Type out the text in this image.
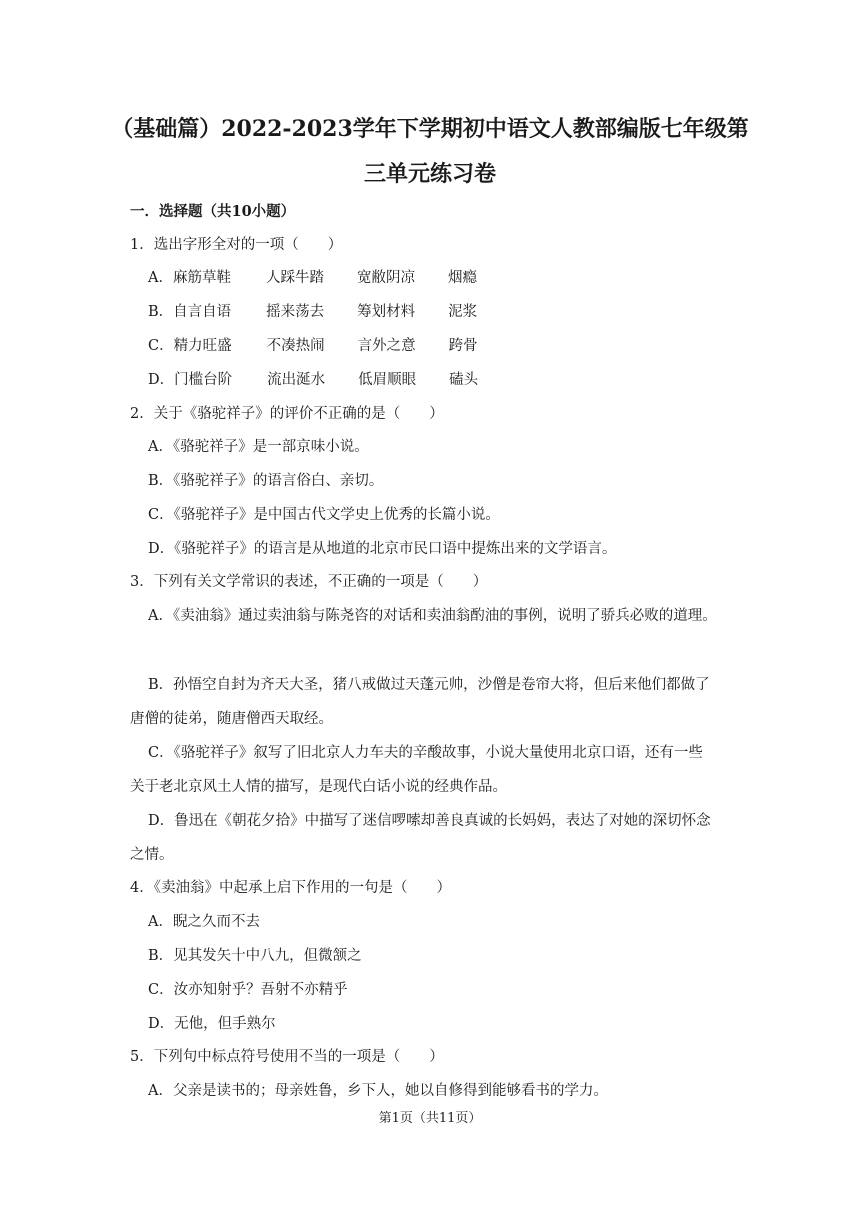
（基础篇）2022-2023学年下学期初中语文人教部编版七年级第
三单元练习卷
一．选择题（共10小题）
1．选出字形全对的一项（　　）
A．麻筋草鞋 人踩牛踏 宽敝阴凉 烟瘾
B．自言自语 摇来荡去 筹划材料 泥浆
C．精力旺盛 不凑热闹 言外之意 跨骨
D．门槛台阶 流出涎水 低眉顺眼 磕头
2．关于《骆驼祥子》的评价不正确的是（　　）
A．《骆驼祥子》是一部京味小说。
B．《骆驼祥子》的语言俗白、亲切。
C．《骆驼祥子》是中国古代文学史上优秀的长篇小说。
D．《骆驼祥子》的语言是从地道的北京市民口语中提炼出来的文学语言。
3．下列有关文学常识的表述，不正确的一项是（　　）
A．《卖油翁》通过卖油翁与陈尧咨的对话和卖油翁酌油的事例，说明了骄兵必败的道理。
B．孙悟空自封为齐天大圣，猪八戒做过天蓬元帅，沙僧是卷帘大将，但后来他们都做了
唐僧的徒弟，随唐僧西天取经。
C．《骆驼祥子》叙写了旧北京人力车夫的辛酸故事，小说大量使用北京口语，还有一些
关于老北京风土人情的描写，是现代白话小说的经典作品。
D．鲁迅在《朝花夕拾》中描写了迷信啰嗦却善良真诚的长妈妈，表达了对她的深切怀念
之情。
4．《卖油翁》中起承上启下作用的一句是（　　）
A．睨之久而不去
B．见其发矢十中八九，但微颔之
C．汝亦知射乎？吾射不亦精乎
D．无他，但手熟尔
5．下列句中标点符号使用不当的一项是（　　）
A．父亲是读书的；母亲姓鲁，乡下人，她以自修得到能够看书的学力。
第1页（共11页）
